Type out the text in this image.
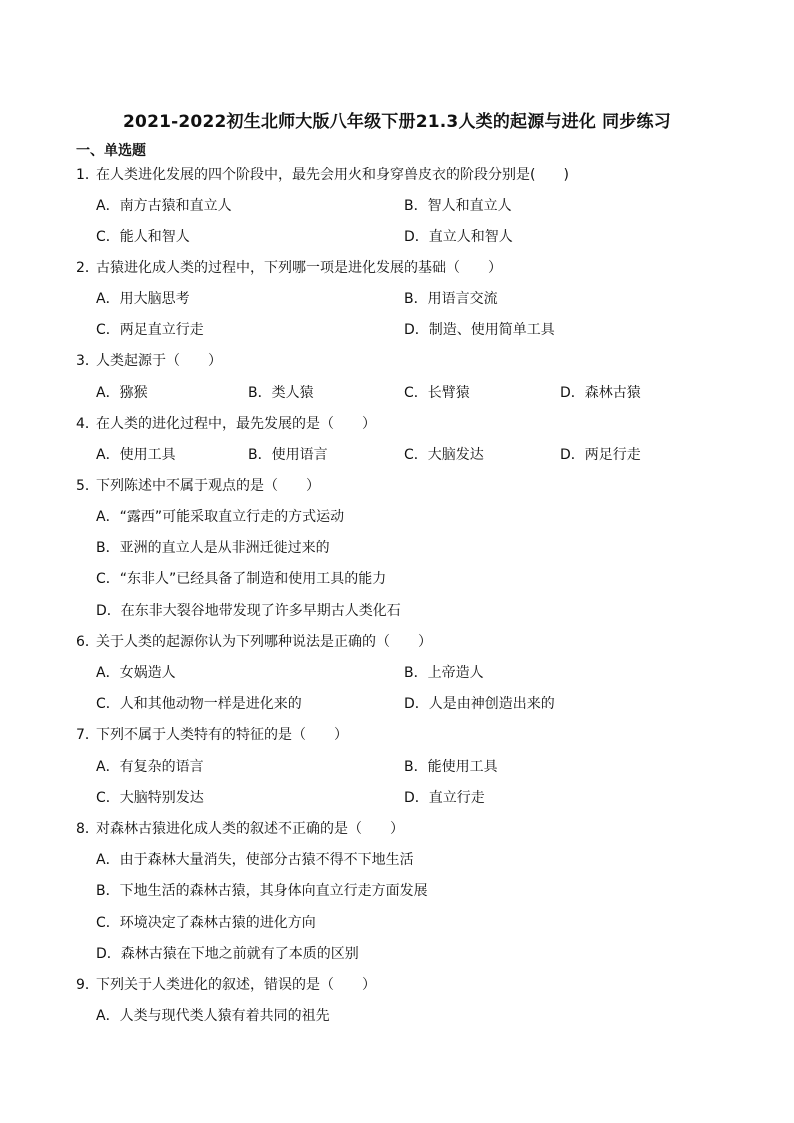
2021-2022初生北师大版八年级下册21.3人类的起源与进化 同步练习
一、单选题
1．在人类进化发展的四个阶段中，最先会用火和身穿兽皮衣的阶段分别是(　　)
A．南方古猿和直立人	B．智人和直立人
C．能人和智人	D．直立人和智人
2．古猿进化成人类的过程中，下列哪一项是进化发展的基础（　　）
A．用大脑思考	B．用语言交流
C．两足直立行走	D．制造、使用简单工具
3．人类起源于（　　）
A．猕猴	B．类人猿	C．长臂猿	D．森林古猿
4．在人类的进化过程中，最先发展的是（　　）
A．使用工具	B．使用语言	C．大脑发达	D．两足行走
5．下列陈述中不属于观点的是（　　）
A．“露西”可能采取直立行走的方式运动
B．亚洲的直立人是从非洲迁徙过来的
C．“东非人”已经具备了制造和使用工具的能力
D．在东非大裂谷地带发现了许多早期古人类化石
6．关于人类的起源你认为下列哪种说法是正确的（　　）
A．女娲造人	B．上帝造人
C．人和其他动物一样是进化来的	D．人是由神创造出来的
7．下列不属于人类特有的特征的是（　　）
A．有复杂的语言	B．能使用工具
C．大脑特别发达	D．直立行走
8．对森林古猿进化成人类的叙述不正确的是（　　）
A．由于森林大量消失，使部分古猿不得不下地生活
B．下地生活的森林古猿，其身体向直立行走方面发展
C．环境决定了森林古猿的进化方向
D．森林古猿在下地之前就有了本质的区别
9．下列关于人类进化的叙述，错误的是（　　）
A．人类与现代类人猿有着共同的祖先
